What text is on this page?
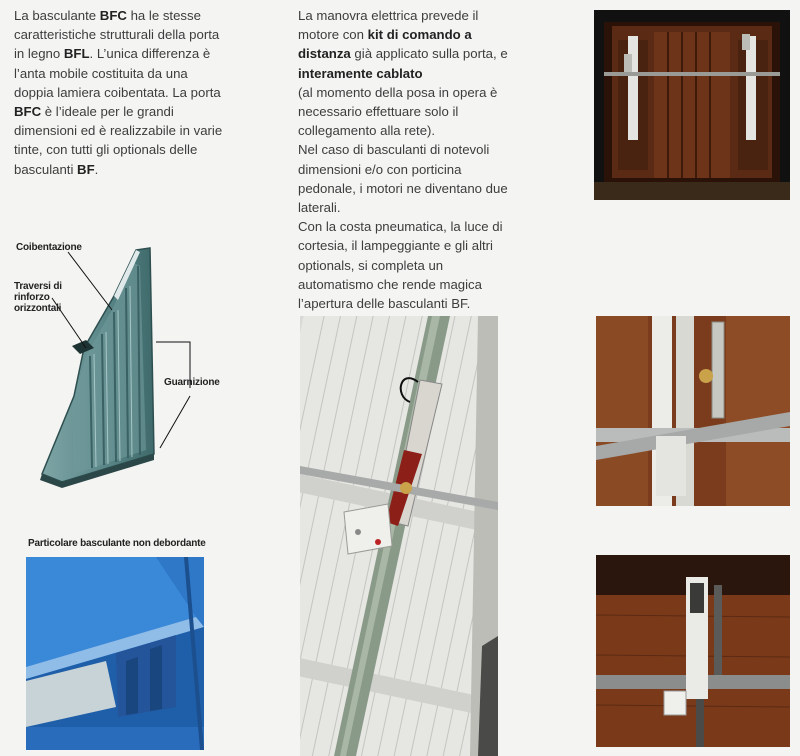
La basculante BFC ha le stesse caratteristiche strutturali della porta in legno BFL. L’unica differenza è l’anta mobile costituita da una doppia lamiera coibentata. La porta BFC è l’ideale per le grandi dimensioni ed è realizzabile in varie tinte, con tutti gli optionals delle basculanti BF.
La manovra elettrica prevede il motore con kit di comando a distanza già applicato sulla porta, e interamente cablato
(al momento della posa in opera è necessario effettuare solo il collegamento alla rete).
Nel caso di basculanti di notevoli dimensioni e/o con porticina pedonale, i motori ne diventano due laterali.
Con la costa pneumatica, la luce di cortesia, il lampeggiante e gli altri optionals, si completa un automatismo che rende magica l’apertura delle basculanti BF.
Coibentazione
Traversi di rinforzo orizzontali
Guarnizione
Particolare basculante non debordante
